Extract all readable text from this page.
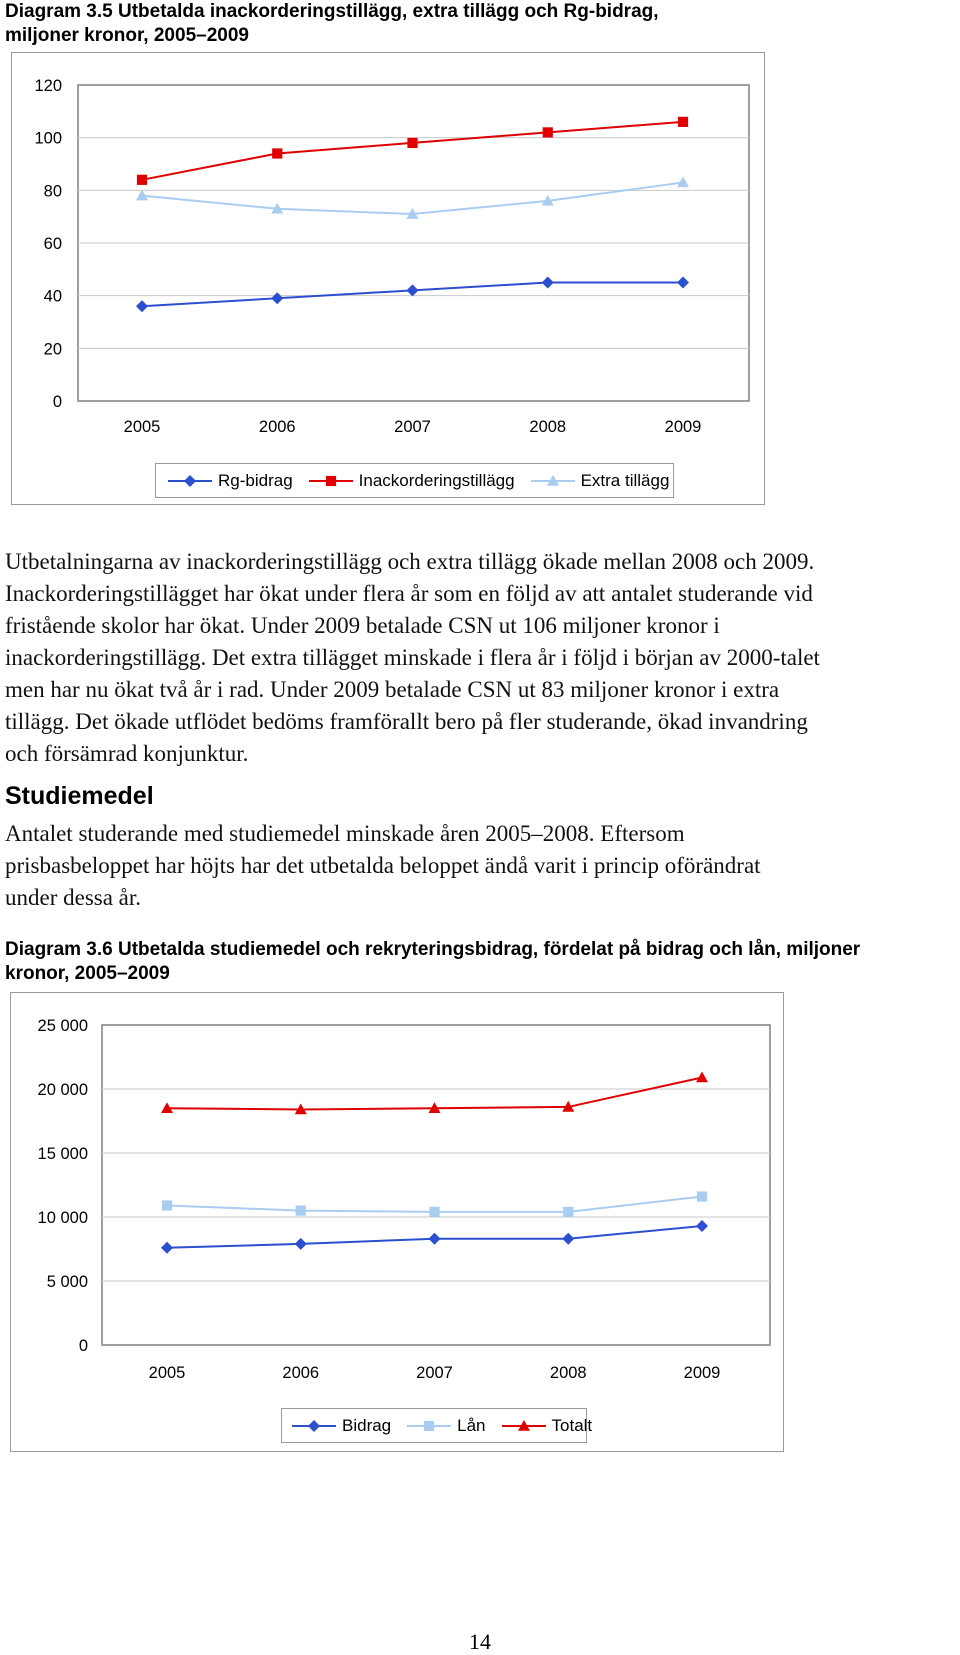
Diagram 3.5 Utbetalda inackorderingstillägg, extra tillägg och Rg-bidrag,
miljoner kronor, 2005–2009

0
20
40
60
80
100
120
2005	2006	2007	2008	2009
Rg-bidrag	Inackorderingstillägg	Extra tillägg

Utbetalningarna av inackorderingstillägg och extra tillägg ökade mellan 2008 och 2009.
Inackorderingstillägget har ökat under flera år som en följd av att antalet studerande vid
fristående skolor har ökat. Under 2009 betalade CSN ut 106 miljoner kronor i
inackorderingstillägg. Det extra tillägget minskade i flera år i följd i början av 2000-talet
men har nu ökat två år i rad. Under 2009 betalade CSN ut 83 miljoner kronor i extra
tillägg. Det ökade utflödet bedöms framförallt bero på fler studerande, ökad invandring
och försämrad konjunktur.

Studiemedel

Antalet studerande med studiemedel minskade åren 2005–2008. Eftersom
prisbasbeloppet har höjts har det utbetalda beloppet ändå varit i princip oförändrat
under dessa år.

Diagram 3.6 Utbetalda studiemedel och rekryteringsbidrag, fördelat på bidrag och lån, miljoner
kronor, 2005–2009

0
5 000
10 000
15 000
20 000
25 000
2005	2006	2007	2008	2009
Bidrag	Lån	Totalt
14
